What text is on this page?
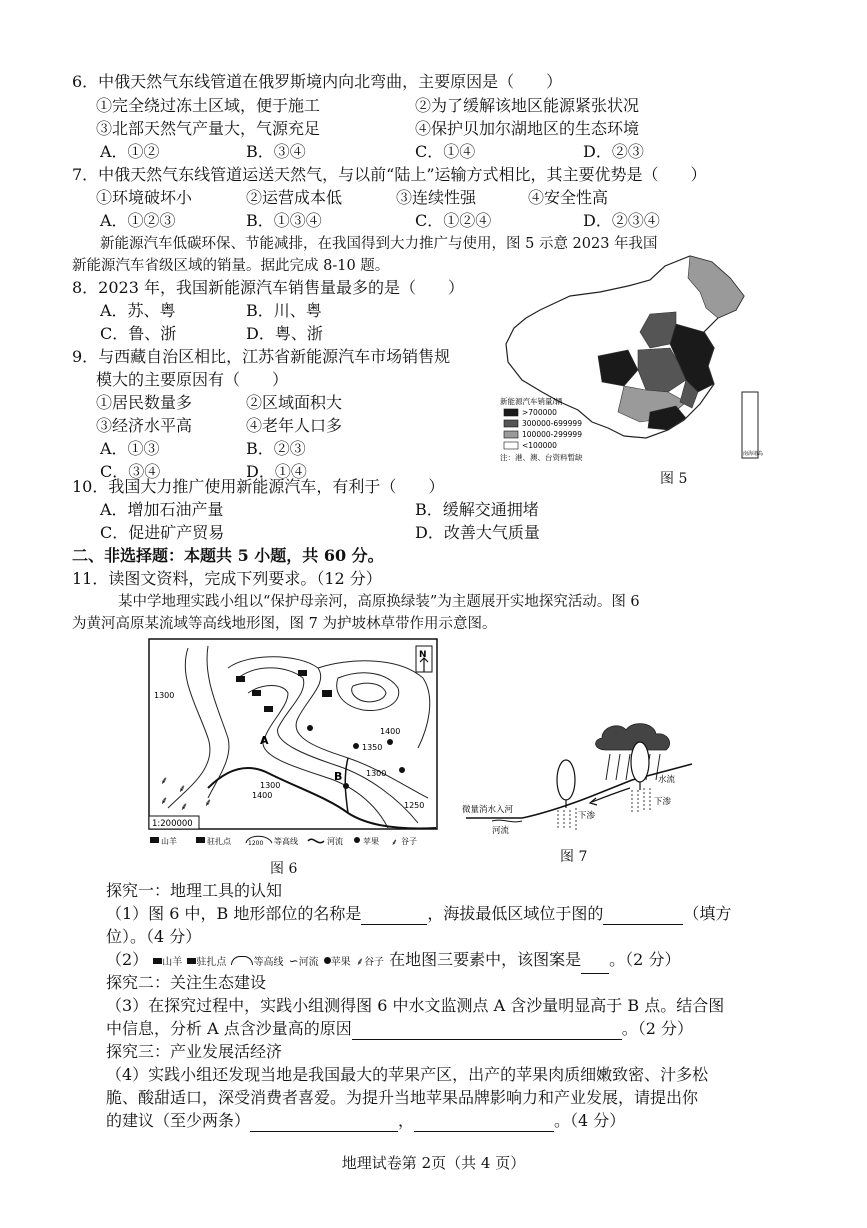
6．中俄天然气东线管道在俄罗斯境内向北弯曲，主要原因是（　　）
①完全绕过冻土区域，便于施工	②为了缓解该地区能源紧张状况
③北部天然气产量大，气源充足	④保护贝加尔湖地区的生态环境
A．①②	B．③④	C．①④	D．②③
7．中俄天然气东线管道运送天然气，与以前“陆上”运输方式相比，其主要优势是（　　）
①环境破坏小	②运营成本低	③连续性强	④安全性高
A．①②③	B．①③④	C．①②④	D．②③④
新能源汽车低碳环保、节能减排，在我国得到大力推广与使用，图 5 示意 2023 年我国
新能源汽车省级区域的销量。据此完成 8-10 题。
8．2023 年，我国新能源汽车销售量最多的是（　　）
A．苏、粤	B．川、粤
C．鲁、浙	D．粤、浙
9．与西藏自治区相比，江苏省新能源汽车市场销售规
模大的主要原因有（　　）
①居民数量多	②区域面积大
③经济水平高	④老年人口多
A．①③	B．②③
C．③④	D．①④
新能源汽车销量/辆
>700000
300000-699999
100000-299999
<100000
注：港、澳、台资料暂缺	南海诸岛
图 5
10．我国大力推广使用新能源汽车，有利于（　　）
A．增加石油产量	B．缓解交通拥堵
C．促进矿产贸易	D．改善大气质量
二、非选择题：本题共 5 小题，共 60 分。
11．读图文资料，完成下列要求。（12 分）
某中学地理实践小组以“保护母亲河，高原换绿装”为主题展开实地探究活动。图 6
为黄河高原某流域等高线地形图，图 7 为护坡林草带作用示意图。
1300
1400
1350
1300
1400
1300
1250
A
B
N
⸙
⸙
⸙ ⸙ ⸙
1:200000
山羊	驻扎点	1200 等高线	河流	苹果 ⸙ 谷子
图 6
微量消水入河
河流
下渗
下渗
水流
图 7
探究一：地理工具的认知
（1）图 6 中，B 地形部位的名称是	，海拔最低区域位于图的	（填方
位）。（4 分）
（2） 山羊 驻扎点	等高线 ∽河流 苹果 ⸙谷子 在地图三要素中，该图案是 。（2 分）
探究二：关注生态建设
（3）在探究过程中，实践小组测得图 6 中水文监测点 A 含沙量明显高于 B 点。结合图
中信息，分析 A 点含沙量高的原因	。（2 分）
探究三：产业发展活经济
（4）实践小组还发现当地是我国最大的苹果产区，出产的苹果肉质细嫩致密、汁多松
脆、酸甜适口，深受消费者喜爱。为提升当地苹果品牌影响力和产业发展，请提出你
的建议（至少两条）	，	。（4 分）
地理试卷第 2页（共 4 页）
